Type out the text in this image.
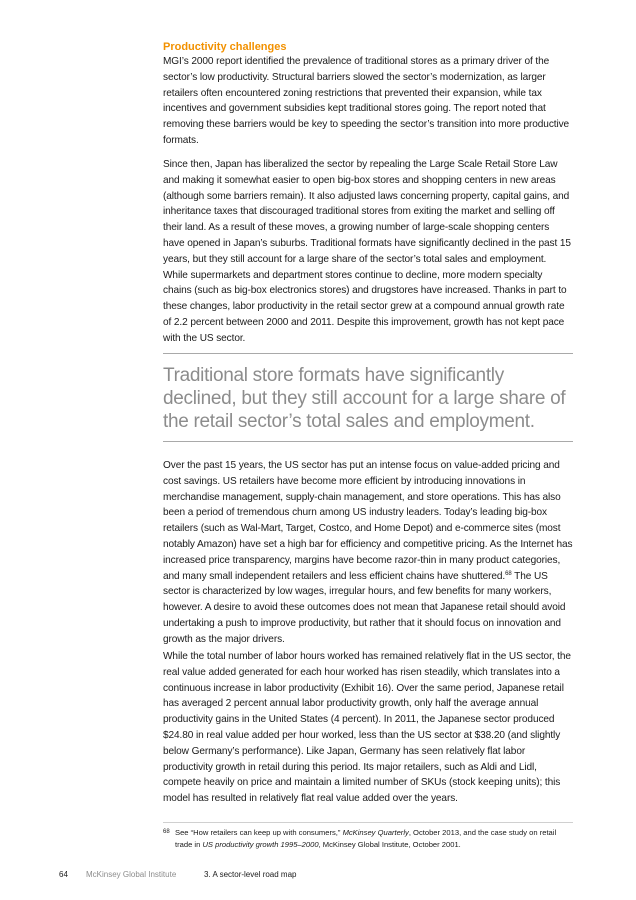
Productivity challenges

MGI’s 2000 report identified the prevalence of traditional stores as a primary driver of the sector’s low productivity. Structural barriers slowed the sector’s modernization, as larger retailers often encountered zoning restrictions that prevented their expansion, while tax incentives and government subsidies kept traditional stores going. The report noted that removing these barriers would be key to speeding the sector’s transition into more productive formats.

Since then, Japan has liberalized the sector by repealing the Large Scale Retail Store Law and making it somewhat easier to open big-box stores and shopping centers in new areas (although some barriers remain). It also adjusted laws concerning property, capital gains, and inheritance taxes that discouraged traditional stores from exiting the market and selling off their land. As a result of these moves, a growing number of large-scale shopping centers have opened in Japan’s suburbs. Traditional formats have significantly declined in the past 15 years, but they still account for a large share of the sector’s total sales and employment. While supermarkets and department stores continue to decline, more modern specialty chains (such as big-box electronics stores) and drugstores have increased. Thanks in part to these changes, labor productivity in the retail sector grew at a compound annual growth rate of 2.2 percent between 2000 and 2011. Despite this improvement, growth has not kept pace with the US sector.

Traditional store formats have significantly declined, but they still account for a large share of the retail sector’s total sales and employment.

Over the past 15 years, the US sector has put an intense focus on value-added pricing and cost savings. US retailers have become more efficient by introducing innovations in merchandise management, supply-chain management, and store operations. This has also been a period of tremendous churn among US industry leaders. Today’s leading big-box retailers (such as Wal-Mart, Target, Costco, and Home Depot) and e-commerce sites (most notably Amazon) have set a high bar for efficiency and competitive pricing. As the Internet has increased price transparency, margins have become razor-thin in many product categories, and many small independent retailers and less efficient chains have shuttered.$^{68}$ The US sector is characterized by low wages, irregular hours, and few benefits for many workers, however. A desire to avoid these outcomes does not mean that Japanese retail should avoid undertaking a push to improve productivity, but rather that it should focus on innovation and growth as the major drivers.

While the total number of labor hours worked has remained relatively flat in the US sector, the real value added generated for each hour worked has risen steadily, which translates into a continuous increase in labor productivity (Exhibit 16). Over the same period, Japanese retail has averaged 2 percent annual labor productivity growth, only half the average annual productivity gains in the United States (4 percent). In 2011, the Japanese sector produced $24.80 in real value added per hour worked, less than the US sector at $38.20 (and slightly below Germany’s performance). Like Japan, Germany has seen relatively flat labor productivity growth in retail during this period. Its major retailers, such as Aldi and Lidl, compete heavily on price and maintain a limited number of SKUs (stock keeping units); this model has resulted in relatively flat real value added over the years.

68 See “How retailers can keep up with consumers,” McKinsey Quarterly, October 2013, and the case study on retail trade in US productivity growth 1995–2000, McKinsey Global Institute, October 2001.
64 McKinsey Global Institute	3. A sector-level road map
